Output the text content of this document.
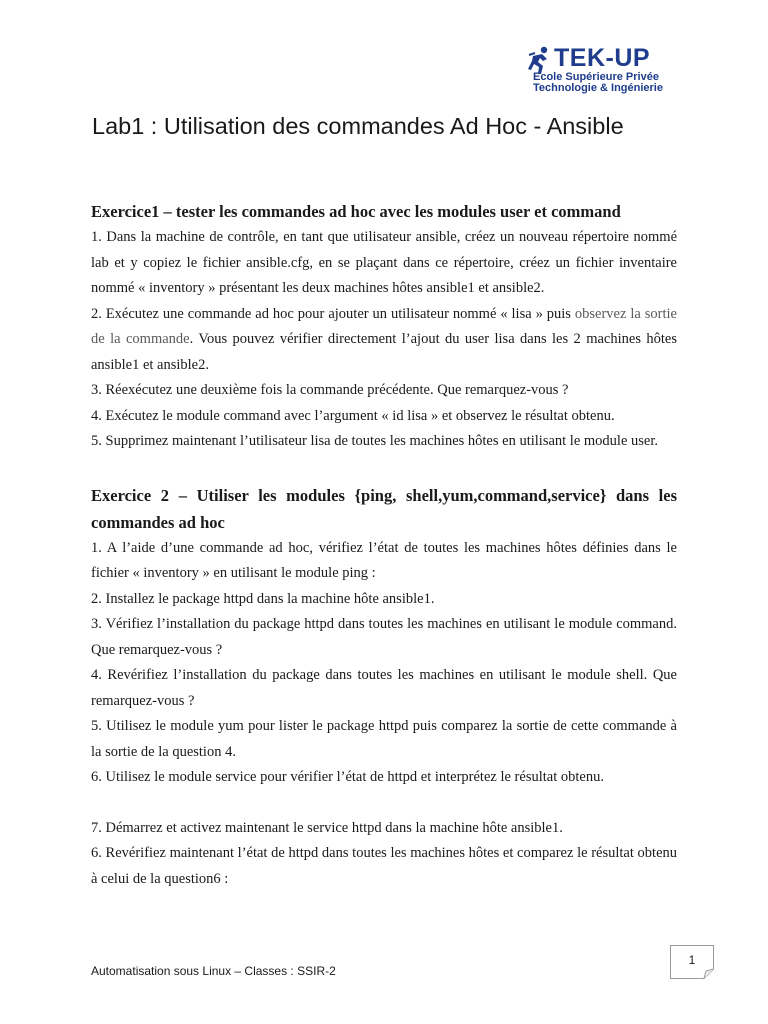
TEK-UP
Ecole Supérieure Privée
Technologie & Ingénierie
Lab1 : Utilisation des commandes Ad Hoc - Ansible

Exercice1 – tester les commandes ad hoc avec les modules user et command

1. Dans la machine de contrôle, en tant que utilisateur ansible, créez un nouveau répertoire nommé lab et y copiez le fichier ansible.cfg, en se plaçant dans ce répertoire, créez un fichier inventaire nommé « inventory » présentant les deux machines hôtes ansible1 et ansible2.

2. Exécutez une commande ad hoc pour ajouter un utilisateur nommé « lisa » puis observez la sortie de la commande. Vous pouvez vérifier directement l’ajout du user lisa dans les 2 machines hôtes ansible1 et ansible2.

3. Réexécutez une deuxième fois la commande précédente. Que remarquez-vous ?

4. Exécutez le module command avec l’argument « id lisa » et observez le résultat obtenu.

5. Supprimez maintenant l’utilisateur lisa de toutes les machines hôtes en utilisant le module user.

Exercice 2 – Utiliser les modules {ping, shell,yum,command,service} dans les commandes ad hoc

1. A l’aide d’une commande ad hoc, vérifiez l’état de toutes les machines hôtes définies dans le fichier « inventory » en utilisant le module ping :

2. Installez le package httpd dans la machine hôte ansible1.

3. Vérifiez l’installation du package httpd dans toutes les machines en utilisant le module command. Que remarquez-vous ?

4. Revérifiez l’installation du package dans toutes les machines en utilisant le module shell. Que remarquez-vous ?

5. Utilisez le module yum pour lister le package httpd puis comparez la sortie de cette commande à la sortie de la question 4.

6. Utilisez le module service pour vérifier l’état de httpd et interprétez le résultat obtenu.

7. Démarrez et activez maintenant le service httpd dans la machine hôte ansible1.

6. Revérifiez maintenant l’état de httpd dans toutes les machines hôtes et comparez le résultat obtenu à celui de la question6 :

Automatisation sous Linux – Classes : SSIR-2
1
